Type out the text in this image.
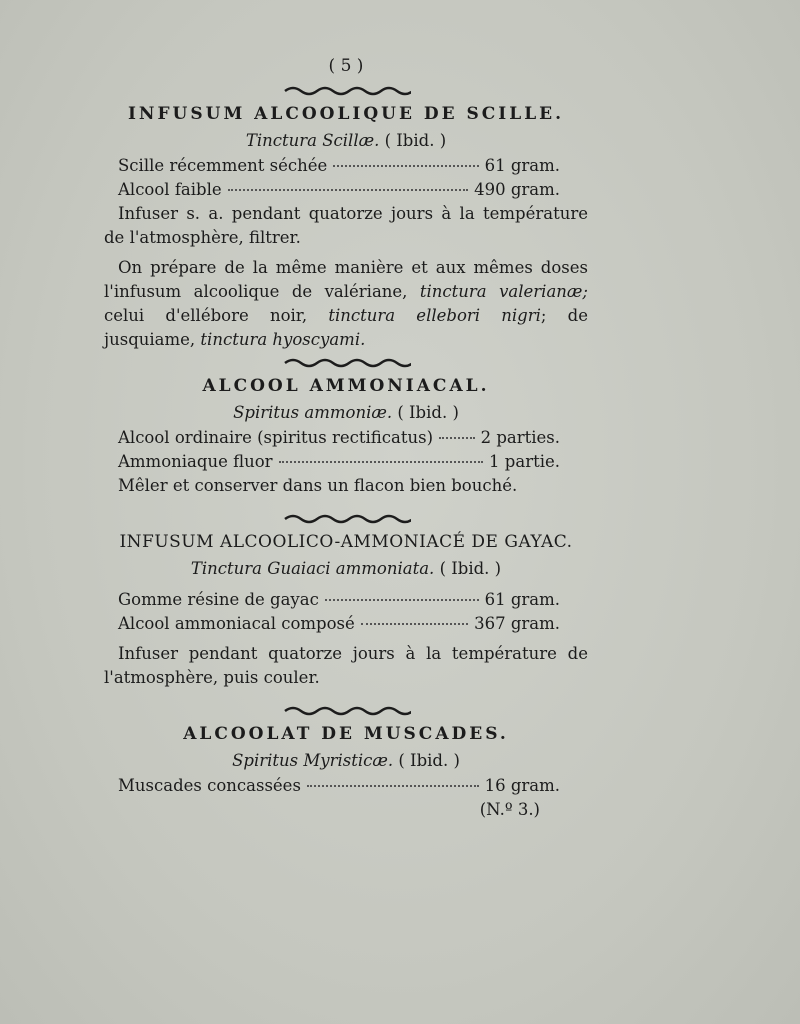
( 5 )
INFUSUM ALCOOLIQUE DE SCILLE.
Tinctura Scillæ. ( Ibid. )
Scille récemment séchée	61 gram.
Alcool faible	490 gram.

Infuser s. a. pendant quatorze jours à la température de l'atmosphère, filtrer.

On prépare de la même manière et aux mêmes doses l'infusum alcoolique de valériane, tinctura valerianæ; celui d'ellébore noir, tinctura ellebori nigri; de jusquiame, tinctura hyoscyami.

ALCOOL AMMONIACAL.
Spiritus ammoniæ. ( Ibid. )
Alcool ordinaire (spiritus rectificatus)	2 parties.
Ammoniaque fluor	1 partie.

Mêler et conserver dans un flacon bien bouché.

INFUSUM ALCOOLICO-AMMONIACÉ DE GAYAC.
Tinctura Guaiaci ammoniata. ( Ibid. )
Gomme résine de gayac	61 gram.
Alcool ammoniacal composé	367 gram.

Infuser pendant quatorze jours à la température de l'atmosphère, puis couler.

ALCOOLAT DE MUSCADES.
Spiritus Myristicæ. ( Ibid. )
Muscades concassées	16 gram.
(N.º 3.)
